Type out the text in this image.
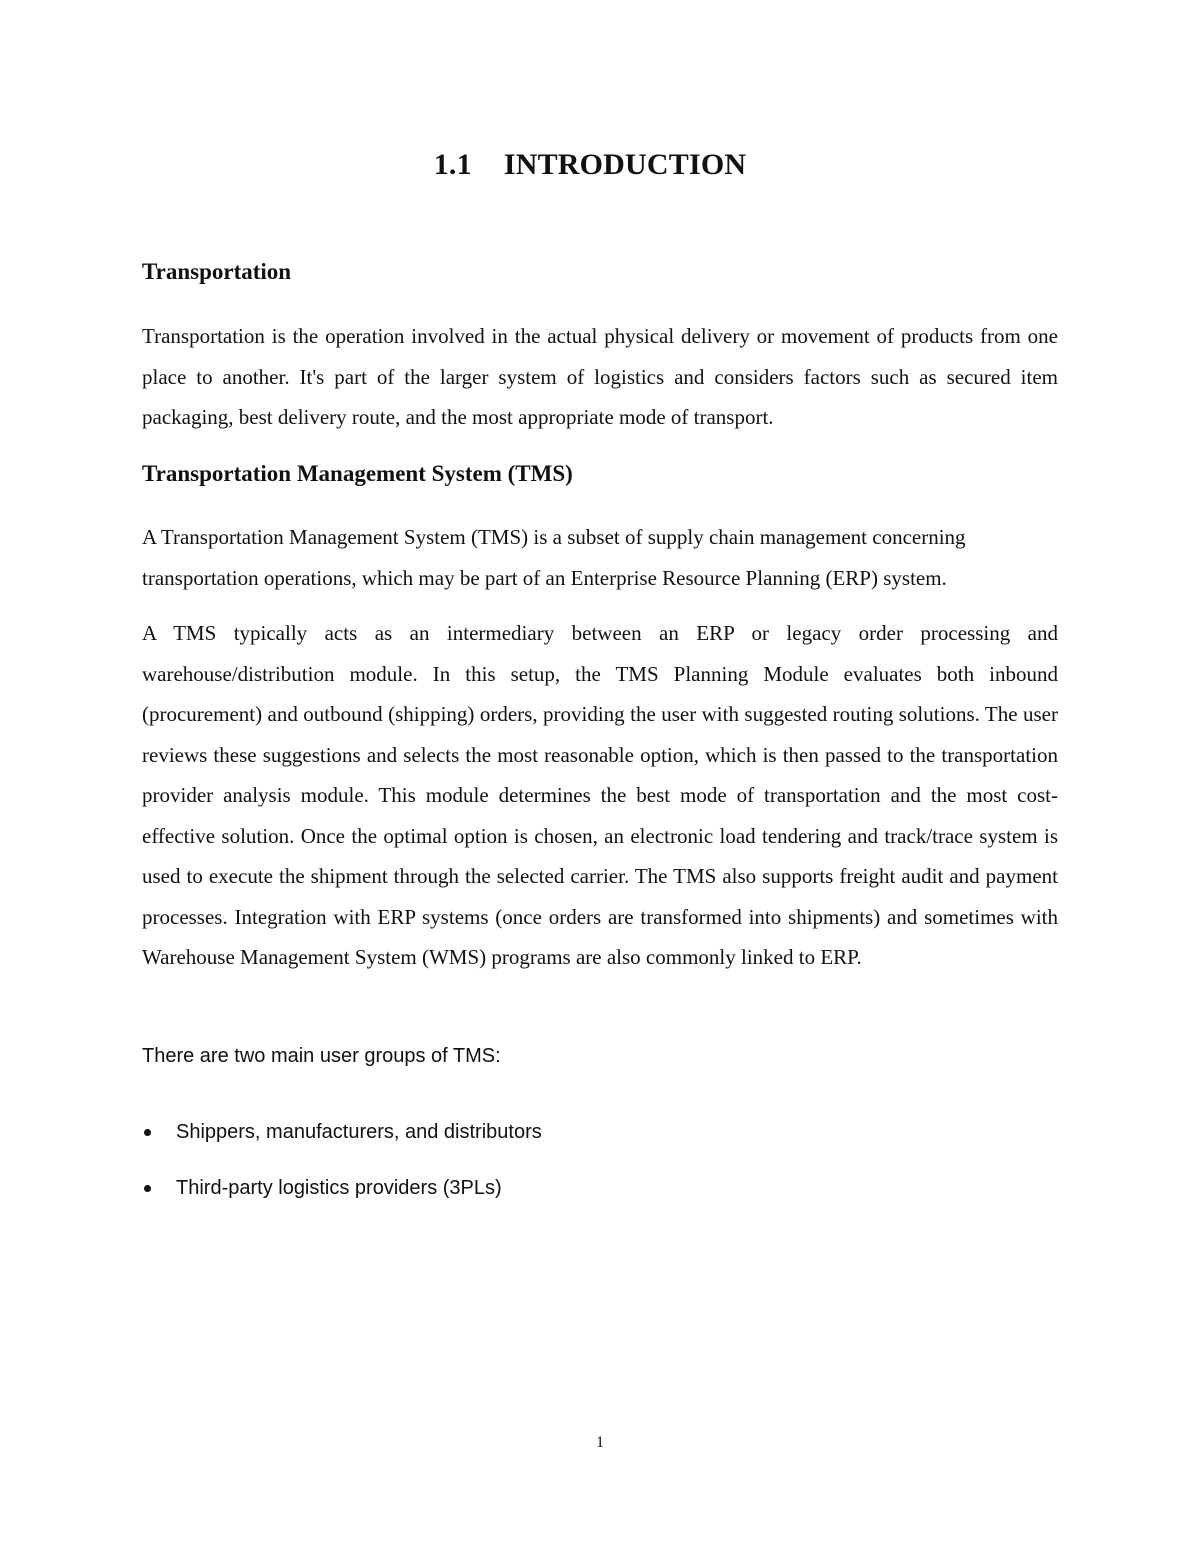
1.1 INTRODUCTION
Transportation

Transportation is the operation involved in the actual physical delivery or movement of products from one place to another. It's part of the larger system of logistics and considers factors such as secured item packaging, best delivery route, and the most appropriate mode of transport.

Transportation Management System (TMS)

A Transportation Management System (TMS) is a subset of supply chain management concerning transportation operations, which may be part of an Enterprise Resource Planning (ERP) system.

A TMS typically acts as an intermediary between an ERP or legacy order processing and warehouse/distribution module. In this setup, the TMS Planning Module evaluates both inbound (procurement) and outbound (shipping) orders, providing the user with suggested routing solutions. The user reviews these suggestions and selects the most reasonable option, which is then passed to the transportation provider analysis module. This module determines the best mode of transportation and the most cost-effective solution. Once the optimal option is chosen, an electronic load tendering and track/trace system is used to execute the shipment through the selected carrier. The TMS also supports freight audit and payment processes. Integration with ERP systems (once orders are transformed into shipments) and sometimes with Warehouse Management System (WMS) programs are also commonly linked to ERP.

There are two main user groups of TMS:

Shippers, manufacturers, and distributors
Third-party logistics providers (3PLs)
1
